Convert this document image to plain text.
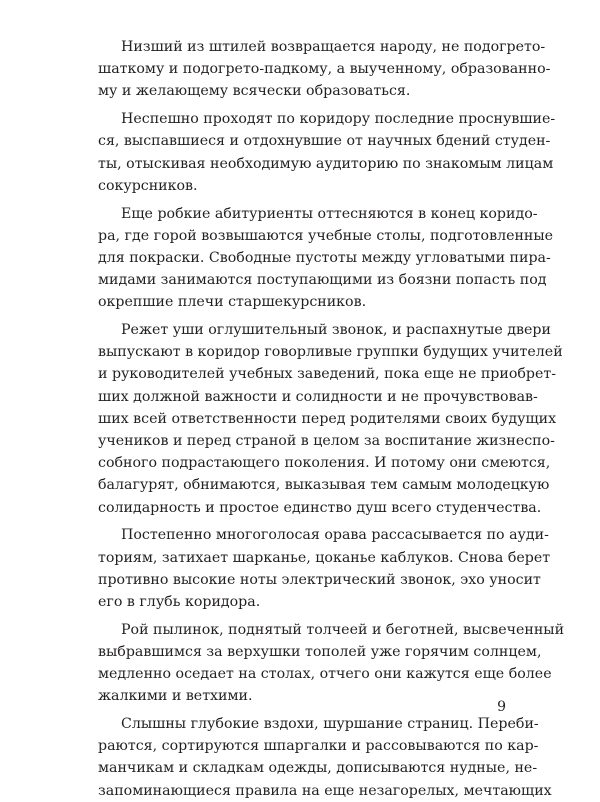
Низший из штилей возвращается народу, не подогрето-
шаткому и подогрето-падкому, а выученному, образованно-
му и желающему всячески образоваться.
Неспешно проходят по коридору последние проснувшие-
ся, выспавшиеся и отдохнувшие от научных бдений студен-
ты, отыскивая необходимую аудиторию по знакомым лицам
сокурсников.
Еще робкие абитуриенты оттесняются в конец коридо-
ра, где горой возвышаются учебные столы, подготовленные
для покраски. Свободные пустоты между угловатыми пира-
мидами занимаются поступающими из боязни попасть под
окрепшие плечи старшекурсников.
Режет уши оглушительный звонок, и распахнутые двери
выпускают в коридор говорливые группки будущих учителей
и руководителей учебных заведений, пока еще не приобрет-
ших должной важности и солидности и не прочувствовав-
ших всей ответственности перед родителями своих будущих
учеников и перед страной в целом за воспитание жизнеспо-
собного подрастающего поколения. И потому они смеются,
балагурят, обнимаются, выказывая тем самым молодецкую
солидарность и простое единство душ всего студенчества.
Постепенно многоголосая орава рассасывается по ауди-
ториям, затихает шарканье, цоканье каблуков. Снова берет
противно высокие ноты электрический звонок, эхо уносит
его в глубь коридора.
Рой пылинок, поднятый толчеей и беготней, высвеченный
выбравшимся за верхушки тополей уже горячим солнцем,
медленно оседает на столах, отчего они кажутся еще более
жалкими и ветхими.
Слышны глубокие вздохи, шуршание страниц. Переби-
раются, сортируются шпаргалки и рассовываются по кар-
манчикам и складкам одежды, дописываются нудные, не-
запоминающиеся правила на еще незагорелых, мечтающих
9
